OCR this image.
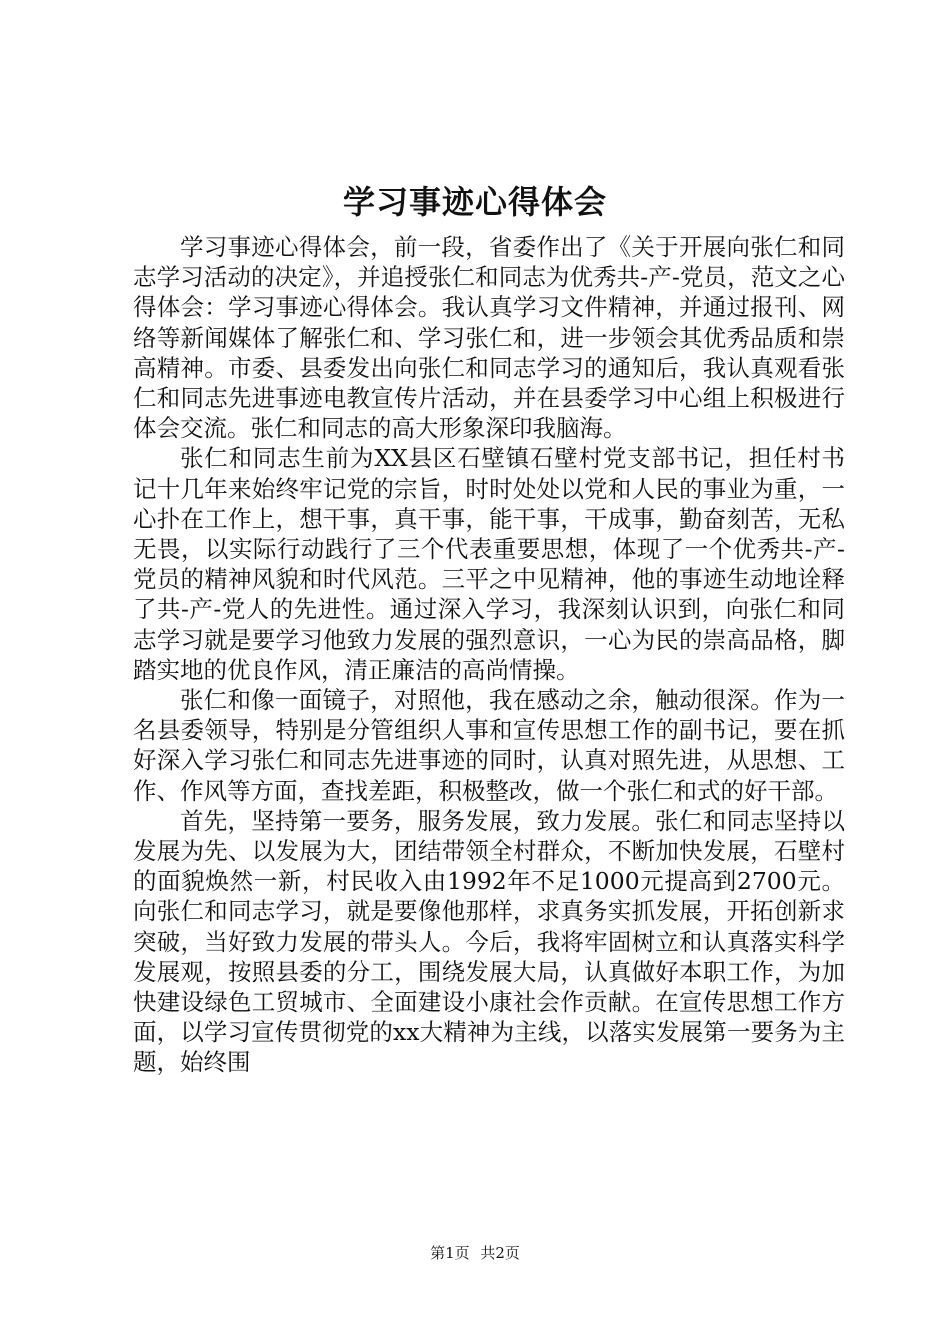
学习事迹心得体会

学习事迹心得体会，前一段，省委作出了《关于开展向张仁和同志学习活动的决定》，并追授张仁和同志为优秀共-产-党员，范文之心得体会：学习事迹心得体会。我认真学习文件精神，并通过报刊、网络等新闻媒体了解张仁和、学习张仁和，进一步领会其优秀品质和崇高精神。市委、县委发出向张仁和同志学习的通知后，我认真观看张仁和同志先进事迹电教宣传片活动，并在县委学习中心组上积极进行体会交流。张仁和同志的高大形象深印我脑海。

张仁和同志生前为XX县区石壁镇石壁村党支部书记，担任村书记十几年来始终牢记党的宗旨，时时处处以党和人民的事业为重，一心扑在工作上，想干事，真干事，能干事，干成事，勤奋刻苦，无私无畏，以实际行动践行了三个代表重要思想，体现了一个优秀共-产-党员的精神风貌和时代风范。三平之中见精神，他的事迹生动地诠释了共-产-党人的先进性。通过深入学习，我深刻认识到，向张仁和同志学习就是要学习他致力发展的强烈意识，一心为民的崇高品格，脚踏实地的优良作风，清正廉洁的高尚情操。

张仁和像一面镜子，对照他，我在感动之余，触动很深。作为一名县委领导，特别是分管组织人事和宣传思想工作的副书记，要在抓好深入学习张仁和同志先进事迹的同时，认真对照先进，从思想、工作、作风等方面，查找差距，积极整改，做一个张仁和式的好干部。

首先，坚持第一要务，服务发展，致力发展。张仁和同志坚持以发展为先、以发展为大，团结带领全村群众，不断加快发展，石壁村的面貌焕然一新，村民收入由1992年不足1000元提高到2700元。向张仁和同志学习，就是要像他那样，求真务实抓发展，开拓创新求突破，当好致力发展的带头人。今后，我将牢固树立和认真落实科学发展观，按照县委的分工，围绕发展大局，认真做好本职工作，为加快建设绿色工贸城市、全面建设小康社会作贡献。在宣传思想工作方面，以学习宣传贯彻党的xx大精神为主线，以落实发展第一要务为主题，始终围

第1页 共2页
